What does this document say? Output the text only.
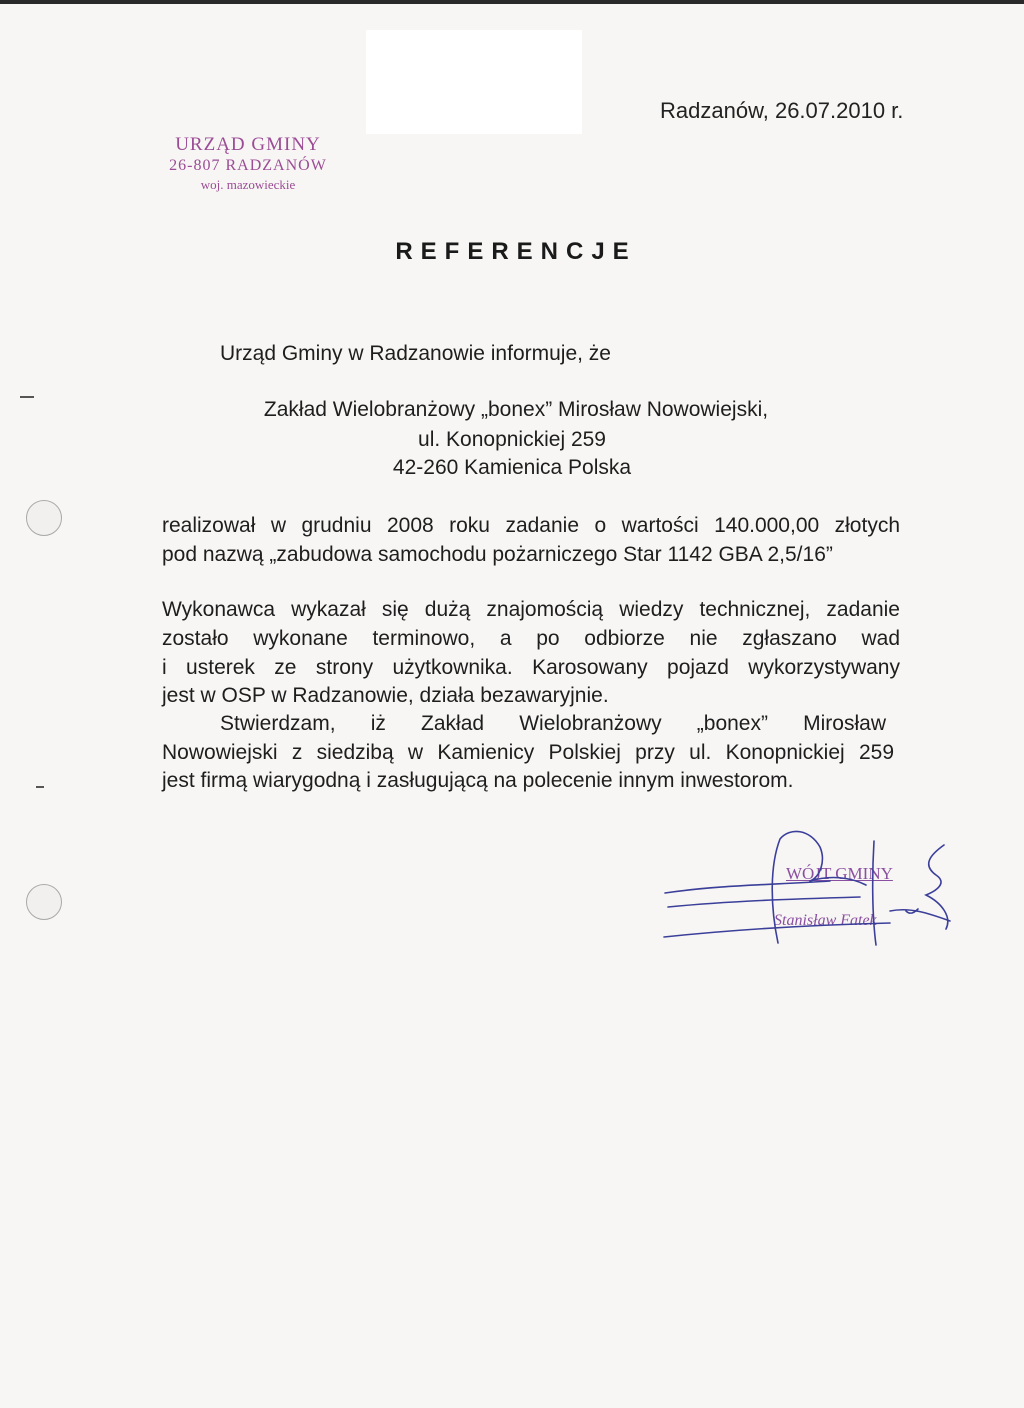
Radzanów, 26.07.2010 r.
URZĄD GMINY
26-807 RADZANÓW
woj. mazowieckie
REFERENCJE
Urząd Gminy w Radzanowie informuje, że
Zakład Wielobranżowy „bonex” Mirosław Nowowiejski,
ul. Konopnickiej 259
42-260 Kamienica Polska
realizował w grudniu 2008 roku zadanie o wartości 140.000,00 złotych
pod nazwą „zabudowa samochodu pożarniczego Star 1142 GBA 2,5/16”
Wykonawca wykazał się dużą znajomością wiedzy technicznej, zadanie
zostało wykonane terminowo, a po odbiorze nie zgłaszano wad
i usterek ze strony użytkownika. Karosowany pojazd wykorzystywany
jest w OSP w Radzanowie, działa bezawaryjnie.
Stwierdzam, iż Zakład Wielobranżowy „bonex” Mirosław
Nowowiejski z siedzibą w Kamienicy Polskiej przy ul. Konopnickiej 259
jest firmą wiarygodną i zasługującą na polecenie innym inwestorom.
WÓJT GMINY
Stanisław Fatek
